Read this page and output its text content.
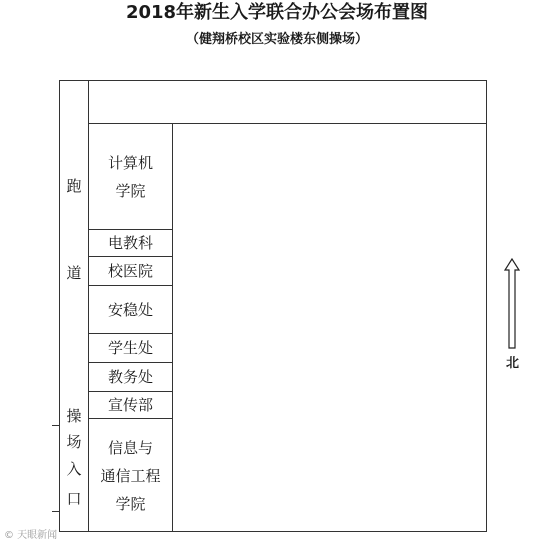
2018年新生入学联合办公会场布置图
（健翔桥校区实验楼东侧操场）
跑
道
操
场
入
口
计算机
学院
电教科
校医院
安稳处
学生处
教务处
宣传部
信息与
通信工程
学院
北
© 天眼新闻
